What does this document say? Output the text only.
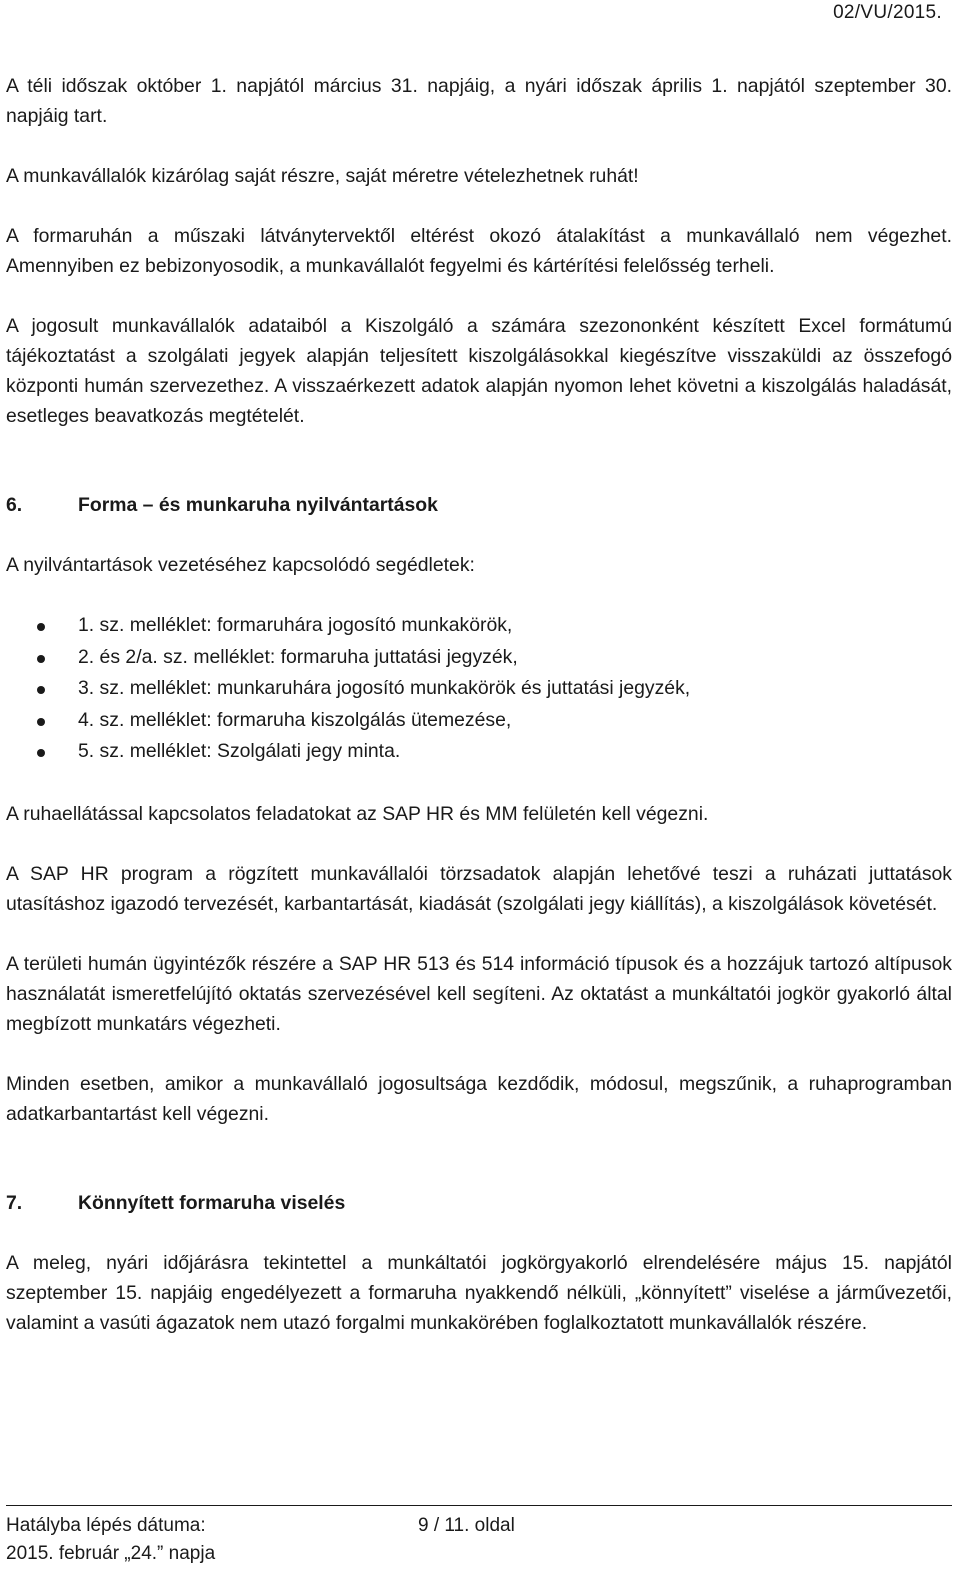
02/VU/2015.

A téli időszak október 1. napjától március 31. napjáig, a nyári időszak április 1. napjától szeptember 30. napjáig tart.

A munkavállalók kizárólag saját részre, saját méretre vételezhetnek ruhát!

A formaruhán a műszaki látványtervektől eltérést okozó átalakítást a munkavállaló nem végezhet. Amennyiben ez bebizonyosodik, a munkavállalót fegyelmi és kártérítési felelősség terheli.

A jogosult munkavállalók adataiból a Kiszolgáló a számára szezononként készített Excel formátumú tájékoztatást a szolgálati jegyek alapján teljesített kiszolgálásokkal kiegészítve visszaküldi az összefogó központi humán szervezethez. A visszaérkezett adatok alapján nyomon lehet követni a kiszolgálás haladását, esetleges beavatkozás megtételét.

6.	Forma – és munkaruha nyilvántartások

A nyilvántartások vezetéséhez kapcsolódó segédletek:

1. sz. melléklet: formaruhára jogosító munkakörök,
2. és 2/a. sz. melléklet: formaruha juttatási jegyzék,
3. sz. melléklet: munkaruhára jogosító munkakörök és juttatási jegyzék,
4. sz. melléklet: formaruha kiszolgálás ütemezése,
5. sz. melléklet: Szolgálati jegy minta.

A ruhaellátással kapcsolatos feladatokat az SAP HR és MM felületén kell végezni.

A SAP HR program a rögzített munkavállalói törzsadatok alapján lehetővé teszi a ruházati juttatások utasításhoz igazodó tervezését, karbantartását, kiadását (szolgálati jegy kiállítás), a kiszolgálások követését.

A területi humán ügyintézők részére a SAP HR 513 és 514 információ típusok és a hozzájuk tartozó altípusok használatát ismeretfelújító oktatás szervezésével kell segíteni. Az oktatást a munkáltatói jogkör gyakorló által megbízott munkatárs végezheti.

Minden esetben, amikor a munkavállaló jogosultsága kezdődik, módosul, megszűnik, a ruhaprogramban adatkarbantartást kell végezni.

7.	Könnyített formaruha viselés

A meleg, nyári időjárásra tekintettel a munkáltatói jogkörgyakorló elrendelésére május 15. napjától szeptember 15. napjáig engedélyezett a formaruha nyakkendő nélküli, „könnyített” viselése a járművezetői, valamint a vasúti ágazatok nem utazó forgalmi munkakörében foglalkoztatott munkavállalók részére.

Hatályba lépés dátuma:
2015. február „24.” napja
9 / 11. oldal
